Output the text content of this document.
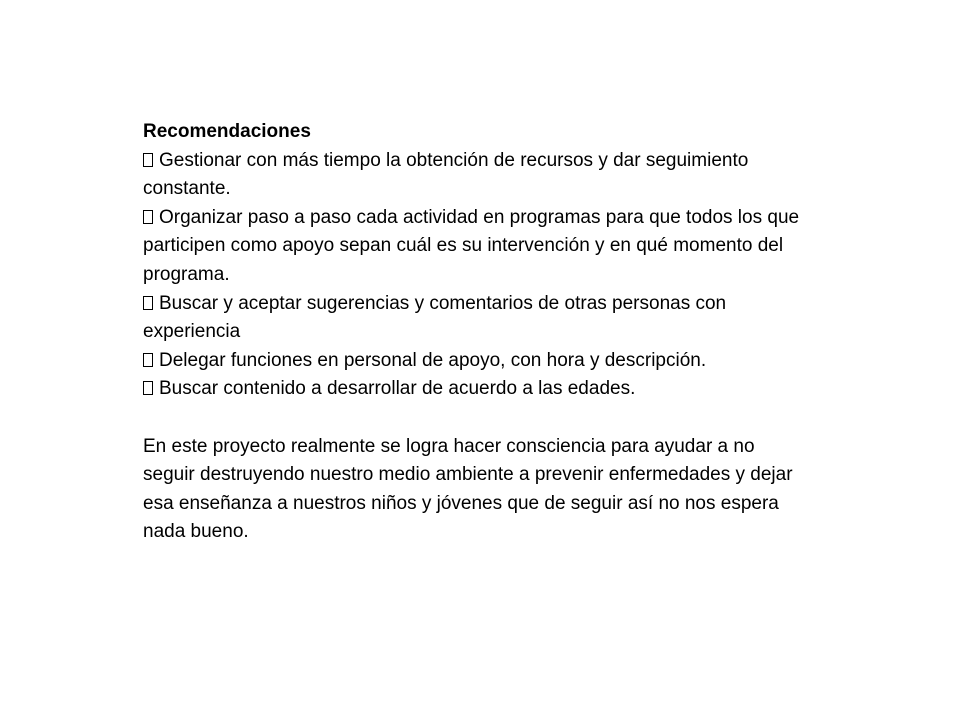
Recomendaciones

Gestionar con más tiempo la obtención de recursos y dar seguimiento constante.

Organizar paso a paso cada actividad en programas para que todos los que participen como apoyo sepan cuál es su intervención y en qué momento del programa.

Buscar y aceptar sugerencias y comentarios de otras personas con experiencia

Delegar funciones en personal de apoyo, con hora y descripción.

Buscar contenido a desarrollar de acuerdo a las edades.

En este proyecto realmente se logra hacer consciencia para ayudar a no seguir destruyendo nuestro medio ambiente a prevenir enfermedades y dejar esa enseñanza a nuestros niños y jóvenes que de seguir así no nos espera nada bueno.
